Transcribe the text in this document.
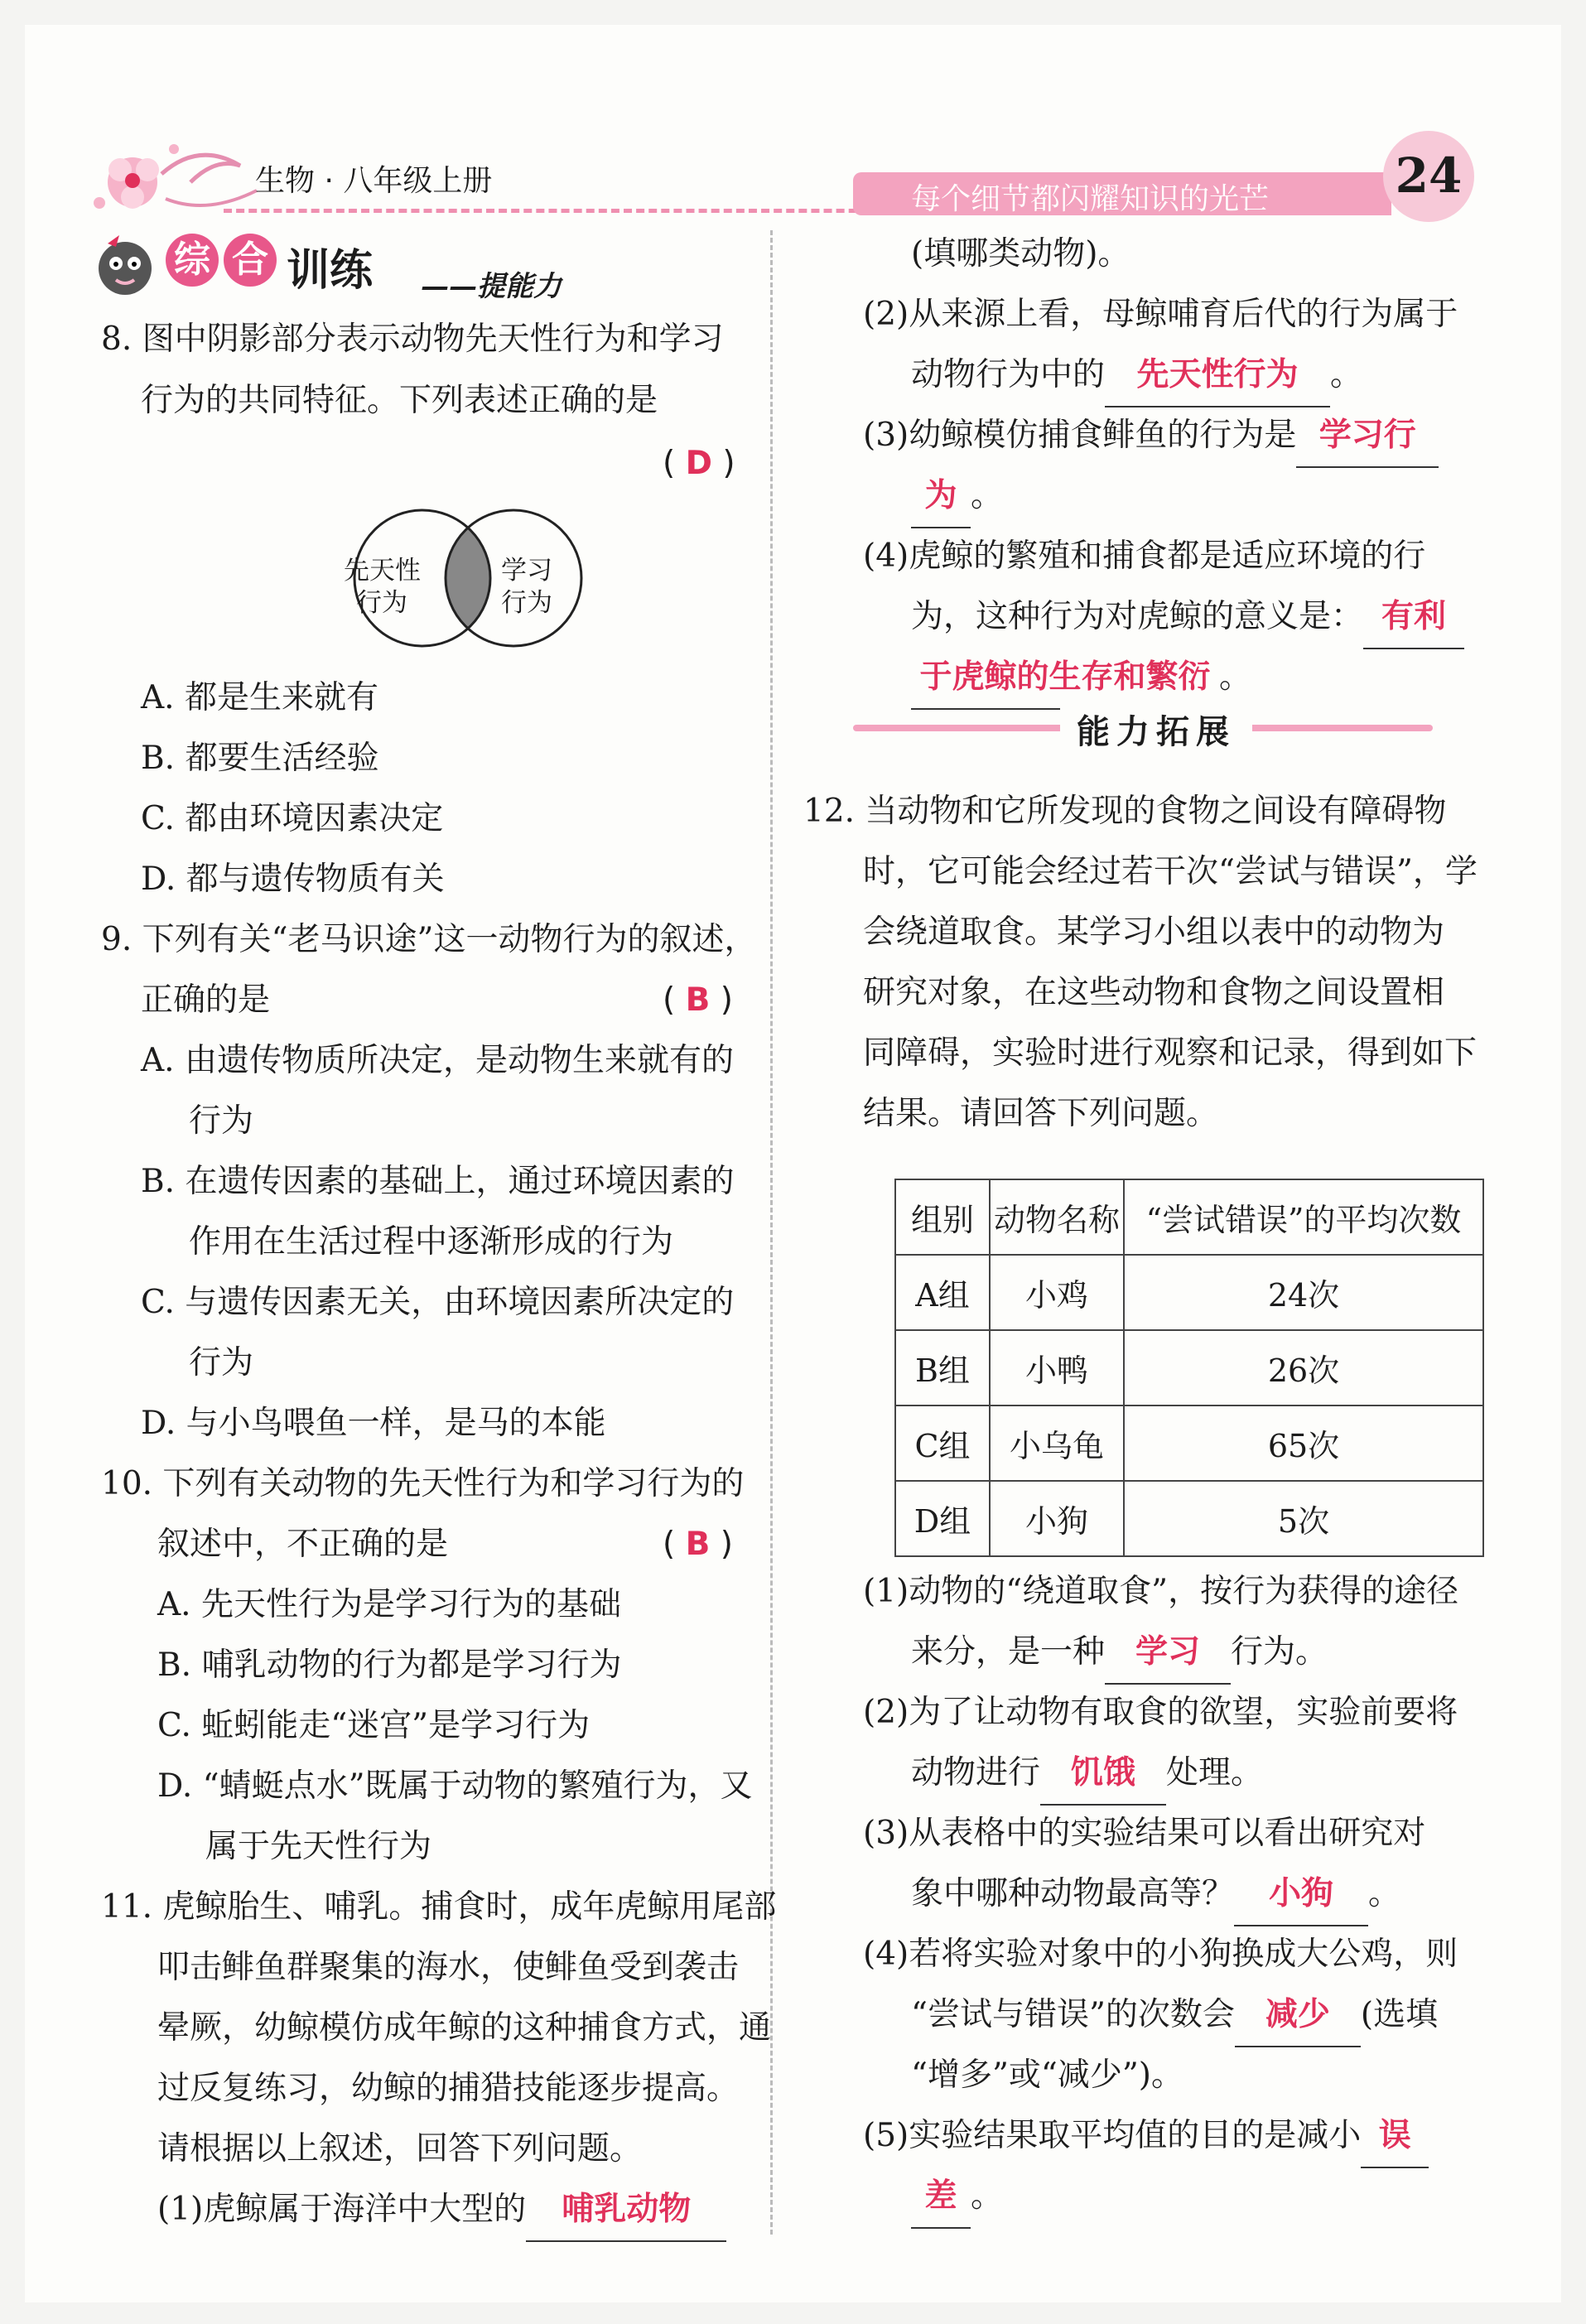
生物 · 八年级上册
每个细节都闪耀知识的光芒	24
综 合 训练 ——提能力
8. 图中阴影部分表示动物先天性行为和学习
行为的共同特征。下列表述正确的是
( D )
先天性
行为
学习
行为
A. 都是生来就有
B. 都要生活经验
C. 都由环境因素决定
D. 都与遗传物质有关
9. 下列有关“老马识途”这一动物行为的叙述，
正确的是	( B )
A. 由遗传物质所决定，是动物生来就有的
行为
B. 在遗传因素的基础上，通过环境因素的
作用在生活过程中逐渐形成的行为
C. 与遗传因素无关，由环境因素所决定的
行为
D. 与小鸟喂鱼一样，是马的本能
10. 下列有关动物的先天性行为和学习行为的
叙述中，不正确的是	( B )
A. 先天性行为是学习行为的基础
B. 哺乳动物的行为都是学习行为
C. 蚯蚓能走“迷宫”是学习行为
D. “蜻蜓点水”既属于动物的繁殖行为，又
属于先天性行为
11. 虎鲸胎生、哺乳。捕食时，成年虎鲸用尾部
叩击鲱鱼群聚集的海水，使鲱鱼受到袭击
晕厥，幼鲸模仿成年鲸的这种捕食方式，通
过反复练习，幼鲸的捕猎技能逐步提高。
请根据以上叙述，回答下列问题。
(1)虎鲸属于海洋中大型的 哺乳动物
(填哪类动物)。
(2)从来源上看，母鲸哺育后代的行为属于
动物行为中的 先天性行为 。
(3)幼鲸模仿捕食鲱鱼的行为是 学习行
为 。
(4)虎鲸的繁殖和捕食都是适应环境的行
为，这种行为对虎鲸的意义是： 有利
于虎鲸的生存和繁衍 。
能力拓展
12. 当动物和它所发现的食物之间设有障碍物
时，它可能会经过若干次“尝试与错误”，学
会绕道取食。某学习小组以表中的动物为
研究对象，在这些动物和食物之间设置相
同障碍，实验时进行观察和记录，得到如下
结果。请回答下列问题。
组别	动物名称	“尝试错误”的平均次数
A组	小鸡	24次
B组	小鸭	26次
C组	小乌龟	65次
D组	小狗	5次
(1)动物的“绕道取食”，按行为获得的途径
来分，是一种 学习 行为。
(2)为了让动物有取食的欲望，实验前要将
动物进行 饥饿 处理。
(3)从表格中的实验结果可以看出研究对
象中哪种动物最高等？ 小狗 。
(4)若将实验对象中的小狗换成大公鸡，则
“尝试与错误”的次数会 减少 (选填
“增多”或“减少”)。
(5)实验结果取平均值的目的是减小 误
差 。
